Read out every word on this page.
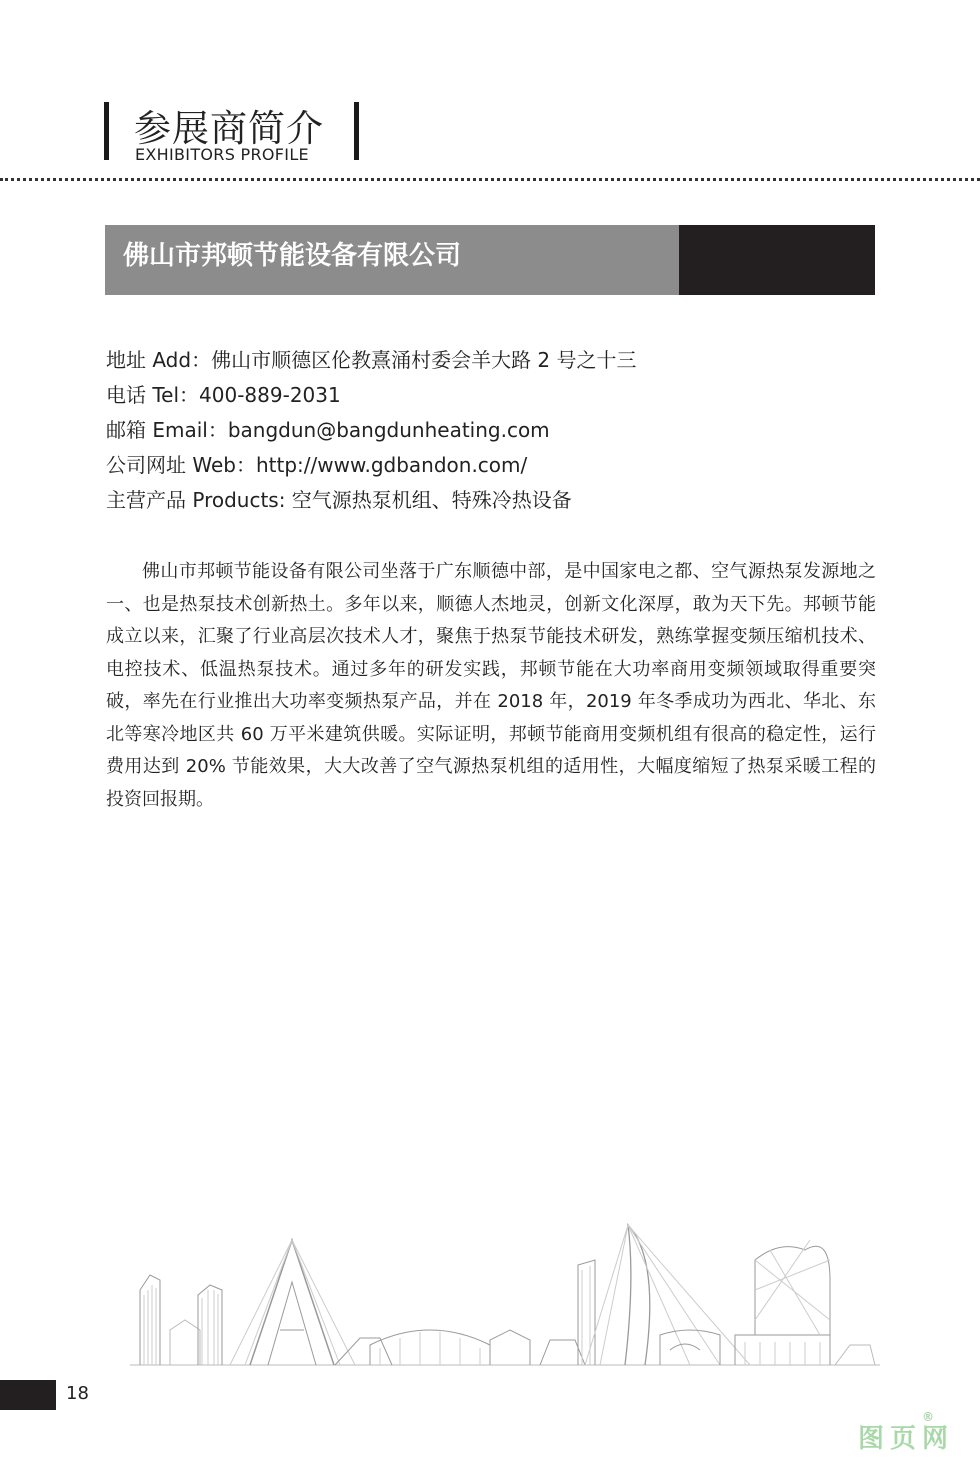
参展商简介
EXHIBITORS PROFILE
佛山市邦顿节能设备有限公司
地址 Add：佛山市顺德区伦教熹涌村委会羊大路 2 号之十三
电话 Tel：400-889-2031
邮箱 Email：bangdun@bangdunheating.com
公司网址 Web：http://www.gdbandon.com/
主营产品 Products: 空气源热泵机组、特殊冷热设备
佛山市邦顿节能设备有限公司坐落于广东顺德中部，是中国家电之都、空气源热泵发源地之一、也是热泵技术创新热土。多年以来，顺德人杰地灵，创新文化深厚，敢为天下先。邦顿节能成立以来，汇聚了行业高层次技术人才，聚焦于热泵节能技术研发，熟练掌握变频压缩机技术、电控技术、低温热泵技术。通过多年的研发实践，邦顿节能在大功率商用变频领域取得重要突破，率先在行业推出大功率变频热泵产品，并在 2018 年，2019 年冬季成功为西北、华北、东北等寒冷地区共 60 万平米建筑供暖。实际证明，邦顿节能商用变频机组有很高的稳定性，运行费用达到 20% 节能效果，大大改善了空气源热泵机组的适用性，大幅度缩短了热泵采暖工程的投资回报期。
18
图页网
®
